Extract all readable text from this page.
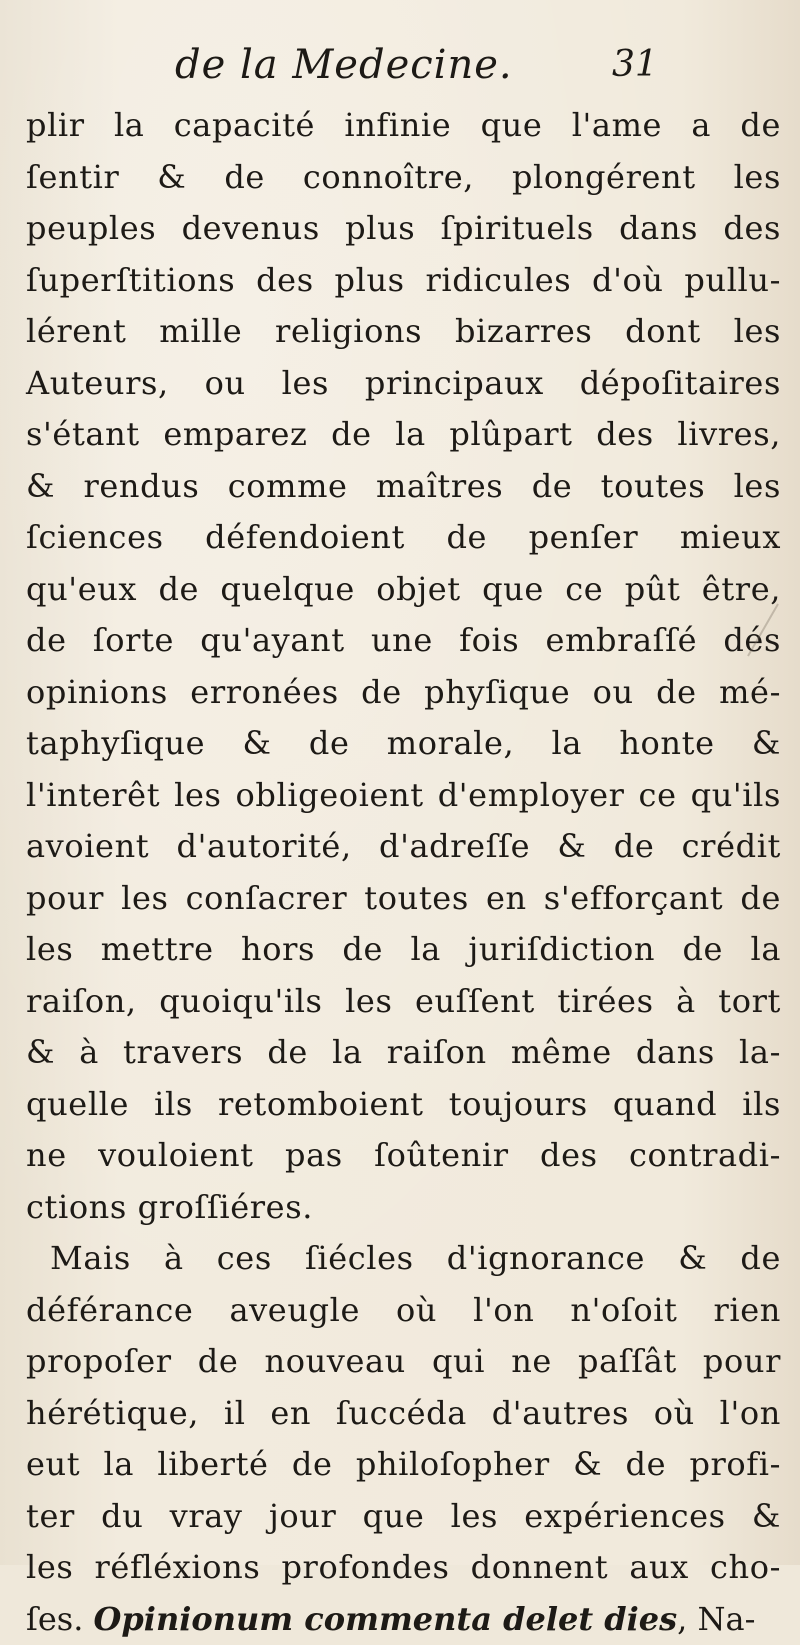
de la Medecine.	31
plir la capacité infinie que l'ame a de
ſentir & de connoître, plongérent les
peuples devenus plus ſpirituels dans des
ſuperſtitions des plus ridicules d'où pullu-
lérent mille religions bizarres dont les
Auteurs, ou les principaux dépoſitaires
s'étant emparez de la plûpart des livres,
& rendus comme maîtres de toutes les
ſciences défendoient de penſer mieux
qu'eux de quelque objet que ce pût être,
de ſorte qu'ayant une fois embraſſé dés
opinions erronées de phyſique ou de mé-
taphyſique & de morale, la honte &
l'interêt les obligeoient d'employer ce qu'ils
avoient d'autorité, d'adreſſe & de crédit
pour les conſacrer toutes en s'efforçant de
les mettre hors de la juriſdiction de la
raiſon, quoiqu'ils les euſſent tirées à tort
& à travers de la raiſon même dans la-
quelle ils retomboient toujours quand ils
ne vouloient pas ſoûtenir des contradi-
ctions groſſiéres.
Mais à ces ſiécles d'ignorance & de
déférance aveugle où l'on n'oſoit rien
propoſer de nouveau qui ne paſſât pour
hérétique, il en ſuccéda d'autres où l'on
eut la liberté de philoſopher & de profi-
ter du vray jour que les expériences &
les réfléxions profondes donnent aux cho-
ſes. Opinionum commenta delet dies, Na-
